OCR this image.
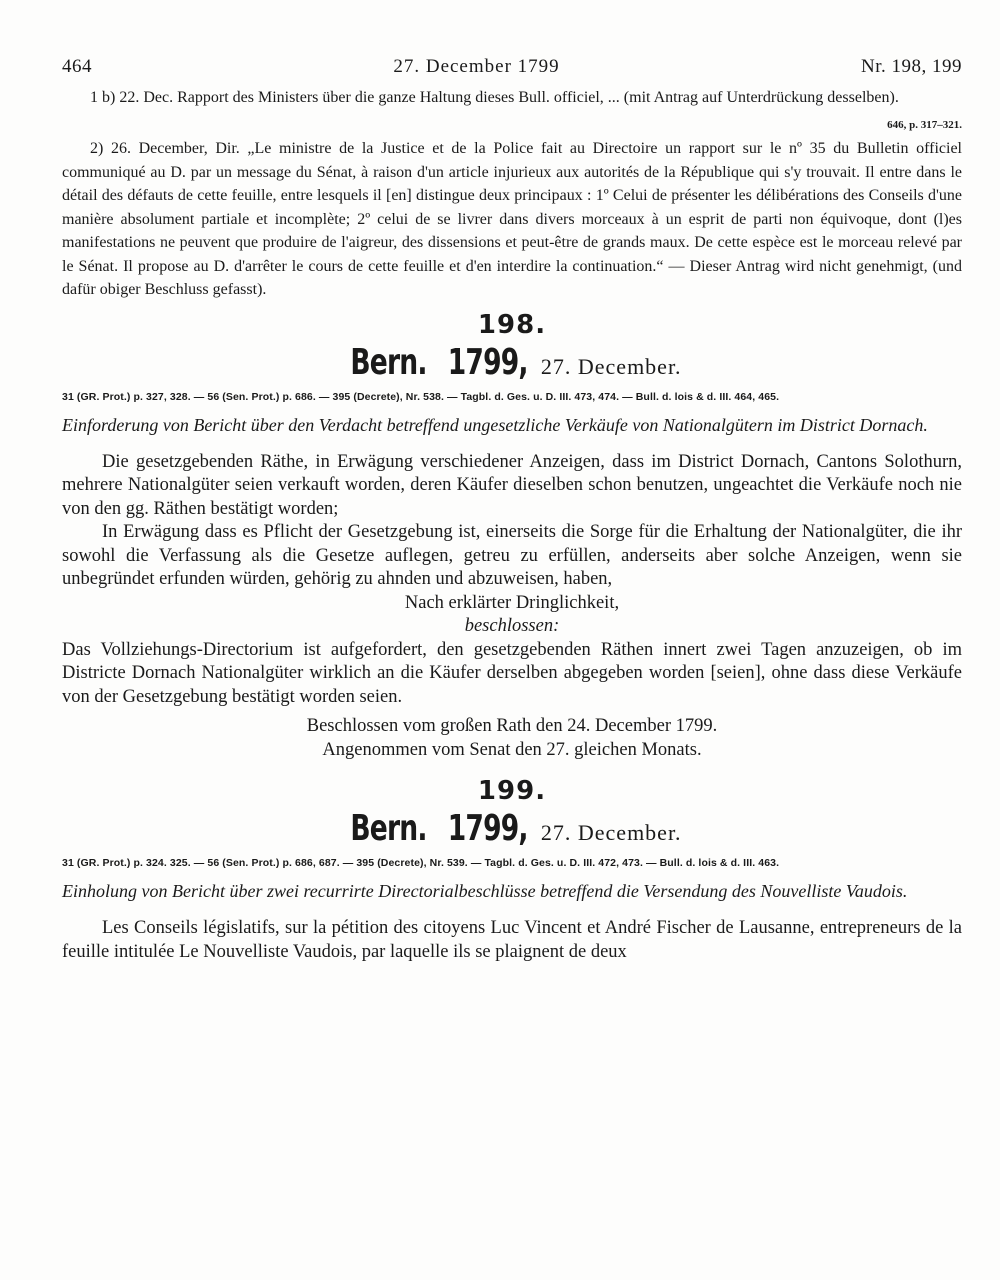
464	27. December 1799	Nr. 198, 199

1 b) 22. Dec. Rapport des Ministers über die ganze Haltung dieses Bull. officiel, ... (mit Antrag auf Unterdrückung desselben).
646, p. 317–321.

2) 26. December, Dir. „Le ministre de la Justice et de la Police fait au Directoire un rapport sur le nº 35 du Bulletin officiel communiqué au D. par un message du Sénat, à raison d'un article injurieux aux autorités de la République qui s'y trouvait. Il entre dans le détail des défauts de cette feuille, entre lesquels il [en] distingue deux principaux : 1º Celui de présenter les délibérations des Conseils d'une manière absolument partiale et incomplète; 2º celui de se livrer dans divers morceaux à un esprit de parti non équivoque, dont (l)es manifestations ne peuvent que produire de l'aigreur, des dissensions et peut-être de grands maux. De cette espèce est le morceau relevé par le Sénat. Il propose au D. d'arrêter le cours de cette feuille et d'en interdire la continuation.“ — Dieser Antrag wird nicht genehmigt, (und dafür obiger Beschluss gefasst).

198.
Bern. 1799, 27. December.
31 (GR. Prot.) p. 327, 328. — 56 (Sen. Prot.) p. 686. — 395 (Decrete), Nr. 538. — Tagbl. d. Ges. u. D. III. 473, 474. — Bull. d. lois & d. III. 464, 465.
Einforderung von Bericht über den Verdacht betreffend ungesetzliche Verkäufe von Nationalgütern im District Dornach.

Die gesetzgebenden Räthe, in Erwägung verschiedener Anzeigen, dass im District Dornach, Cantons Solothurn, mehrere Nationalgüter seien verkauft worden, deren Käufer dieselben schon benutzen, ungeachtet die Verkäufe noch nie von den gg. Räthen bestätigt worden;

In Erwägung dass es Pflicht der Gesetzgebung ist, einerseits die Sorge für die Erhaltung der Nationalgüter, die ihr sowohl die Verfassung als die Gesetze auflegen, getreu zu erfüllen, anderseits aber solche Anzeigen, wenn sie unbegründet erfunden würden, gehörig zu ahnden und abzuweisen, haben,

Nach erklärter Dringlichkeit,

beschlossen:

Das Vollziehungs-Directorium ist aufgefordert, den gesetzgebenden Räthen innert zwei Tagen anzuzeigen, ob im Districte Dornach Nationalgüter wirklich an die Käufer derselben abgegeben worden [seien], ohne dass diese Verkäufe von der Gesetzgebung bestätigt worden seien.

Beschlossen vom großen Rath den 24. December 1799.

Angenommen vom Senat den 27. gleichen Monats.

199.
Bern. 1799, 27. December.
31 (GR. Prot.) p. 324. 325. — 56 (Sen. Prot.) p. 686, 687. — 395 (Decrete), Nr. 539. — Tagbl. d. Ges. u. D. III. 472, 473. — Bull. d. lois & d. III. 463.
Einholung von Bericht über zwei recurrirte Directorialbeschlüsse betreffend die Versendung des Nouvelliste Vaudois.

Les Conseils législatifs, sur la pétition des citoyens Luc Vincent et André Fischer de Lausanne, entrepreneurs de la feuille intitulée Le Nouvelliste Vaudois, par laquelle ils se plaignent de deux
